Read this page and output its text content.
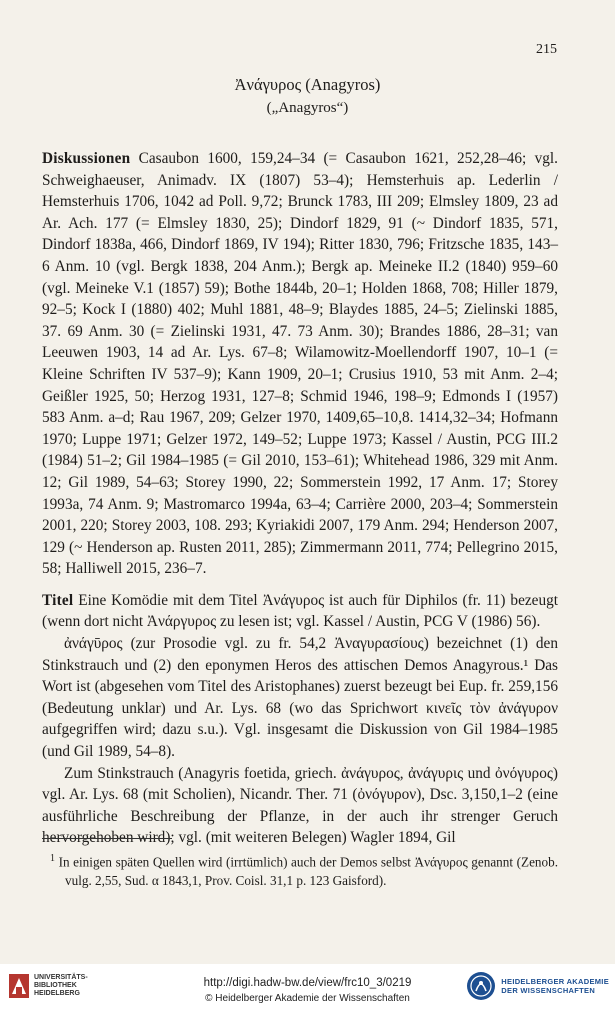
215
Ἀνάγυρος (Anagyros)
(„Anagyros“)

Diskussionen Casaubon 1600, 159,24–34 (= Casaubon 1621, 252,28–46; vgl. Schweighaeuser, Animadv. IX (1807) 53–4); Hemsterhuis ap. Lederlin / Hemsterhuis 1706, 1042 ad Poll. 9,72; Brunck 1783, III 209; Elmsley 1809, 23 ad Ar. Ach. 177 (= Elmsley 1830, 25); Dindorf 1829, 91 (~ Dindorf 1835, 571, Dindorf 1838a, 466, Dindorf 1869, IV 194); Ritter 1830, 796; Fritzsche 1835, 143–6 Anm. 10 (vgl. Bergk 1838, 204 Anm.); Bergk ap. Meineke II.2 (1840) 959–60 (vgl. Meineke V.1 (1857) 59); Bothe 1844b, 20–1; Holden 1868, 708; Hiller 1879, 92–5; Kock I (1880) 402; Muhl 1881, 48–9; Blaydes 1885, 24–5; Zielinski 1885, 37. 69 Anm. 30 (= Zielinski 1931, 47. 73 Anm. 30); Brandes 1886, 28–31; van Leeuwen 1903, 14 ad Ar. Lys. 67–8; Wilamowitz-Moellendorff 1907, 10–1 (= Kleine Schriften IV 537–9); Kann 1909, 20–1; Crusius 1910, 53 mit Anm. 2–4; Geißler 1925, 50; Herzog 1931, 127–8; Schmid 1946, 198–9; Edmonds I (1957) 583 Anm. a–d; Rau 1967, 209; Gelzer 1970, 1409,65–10,8. 1414,32–34; Hofmann 1970; Luppe 1971; Gelzer 1972, 149–52; Luppe 1973; Kassel / Austin, PCG III.2 (1984) 51–2; Gil 1984–1985 (= Gil 2010, 153–61); Whitehead 1986, 329 mit Anm. 12; Gil 1989, 54–63; Storey 1990, 22; Sommerstein 1992, 17 Anm. 17; Storey 1993a, 74 Anm. 9; Mastromarco 1994a, 63–4; Carrière 2000, 203–4; Sommerstein 2001, 220; Storey 2003, 108. 293; Kyriakidi 2007, 179 Anm. 294; Henderson 2007, 129 (~ Henderson ap. Rusten 2011, 285); Zimmermann 2011, 774; Pellegrino 2015, 58; Halliwell 2015, 236–7.

Titel Eine Komödie mit dem Titel Ἀνάγυρος ist auch für Diphilos (fr. 11) bezeugt (wenn dort nicht Ἀνάργυρος zu lesen ist; vgl. Kassel / Austin, PCG V (1986) 56).

ἀνάγῡρος (zur Prosodie vgl. zu fr. 54,2 Ἀναγυρασίους) bezeichnet (1) den Stinkstrauch und (2) den eponymen Heros des attischen Demos Anagyrous.¹ Das Wort ist (abgesehen vom Titel des Aristophanes) zuerst bezeugt bei Eup. fr. 259,156 (Bedeutung unklar) und Ar. Lys. 68 (wo das Sprichwort κινεῖς τὸν ἀνάγυρον aufgegriffen wird; dazu s.u.). Vgl. insgesamt die Diskussion von Gil 1984–1985 (und Gil 1989, 54–8).

Zum Stinkstrauch (Anagyris foetida, griech. ἀνάγυρος, ἀνάγυρις und ὀνόγυρος) vgl. Ar. Lys. 68 (mit Scholien), Nicandr. Ther. 71 (ὀνόγυρον), Dsc. 3,150,1–2 (eine ausführliche Beschreibung der Pflanze, in der auch ihr strenger Geruch hervorgehoben wird); vgl. (mit weiteren Belegen) Wagler 1894, Gil

$^1$ In einigen späten Quellen wird (irrtümlich) auch der Demos selbst Ἀνάγυρος genannt (Zenob. vulg. 2,55, Sud. α 1843,1, Prov. Coisl. 31,1 p. 123 Gaisford).
UNIVERSITÄTS-
BIBLIOTHEK
HEIDELBERG
http://digi.hadw-bw.de/view/frc10_3/0219
© Heidelberger Akademie der Wissenschaften
HEIDELBERGER AKADEMIE
DER WISSENSCHAFTEN
